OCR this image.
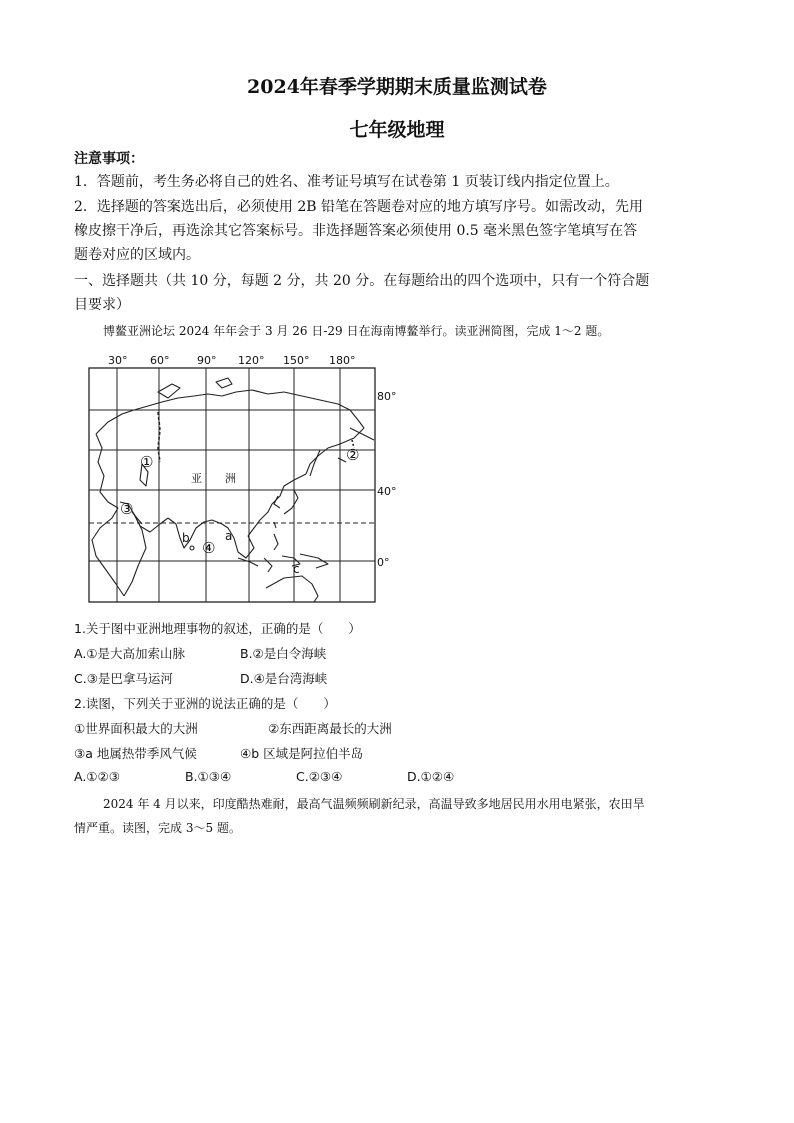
2024年春季学期期末质量监测试卷
七年级地理
注意事项：
1．答题前，考生务必将自己的姓名、准考证号填写在试卷第 1 页装订线内指定位置上。
2．选择题的答案选出后，必须使用 2B 铅笔在答题卷对应的地方填写序号。如需改动，先用
橡皮擦干净后，再选涂其它答案标号。非选择题答案必须使用 0.5 毫米黑色签字笔填写在答
题卷对应的区域内。
一、选择题共（共 10 分，每题 2 分，共 20 分。在每题给出的四个选项中，只有一个符合题
目要求）
博鳌亚洲论坛 2024 年年会于 3 月 26 日-29 日在海南博鳌举行。读亚洲简图，完成 1～2 题。
30° 60°	90° 120° 150° 180°
80°
40°
0°
亚 洲
①	②
③
④
a
b
c
1.关于图中亚洲地理事物的叙述，正确的是（　　）
A.①是大高加索山脉	B.②是白令海峡
C.③是巴拿马运河	D.④是台湾海峡
2.读图，下列关于亚洲的说法正确的是（　　）
①世界面积最大的大洲	②东西距离最长的大洲
③a 地属热带季风气候	④b 区域是阿拉伯半岛
A.①②③	B.①③④	C.②③④	D.①②④
2024 年 4 月以来，印度酷热难耐，最高气温频频刷新纪录，高温导致多地居民用水用电紧张，农田旱
情严重。读图，完成 3～5 题。
